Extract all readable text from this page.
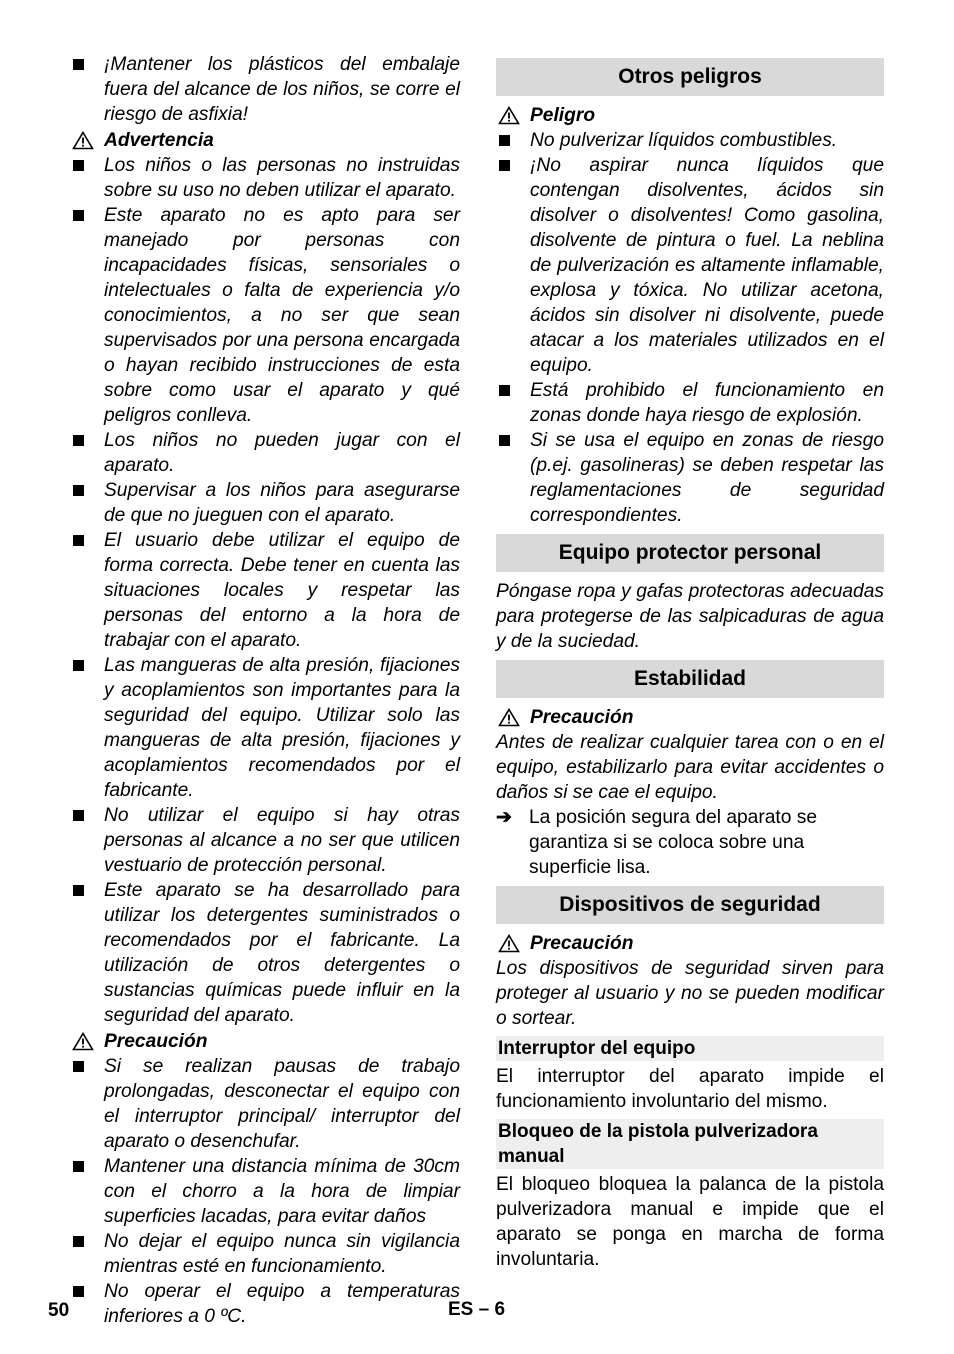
¡Mantener los plásticos del embalaje fuera del alcance de los niños, se corre el riesgo de asfixia!
Advertencia
Los niños o las personas no instruidas sobre su uso no deben utilizar el aparato.
Este aparato no es apto para ser manejado por personas con incapacidades físicas, sensoriales o intelectuales o falta de experiencia y/o conocimientos, a no ser que sean supervisados por una persona encargada o hayan recibido instrucciones de esta sobre como usar el aparato y qué peligros conlleva.
Los niños no pueden jugar con el aparato.
Supervisar a los niños para asegurarse de que no jueguen con el aparato.
El usuario debe utilizar el equipo de forma correcta. Debe tener en cuenta las situaciones locales y respetar las personas del entorno a la hora de trabajar con el aparato.
Las mangueras de alta presión, fijaciones y acoplamientos son importantes para la seguridad del equipo. Utilizar solo las mangueras de alta presión, fijaciones y acoplamientos recomendados por el fabricante.
No utilizar el equipo si hay otras personas al alcance a no ser que utilicen vestuario de protección personal.
Este aparato se ha desarrollado para utilizar los detergentes suministrados o recomendados por el fabricante. La utilización de otros detergentes o sustancias químicas puede influir en la seguridad del aparato.
Precaución
Si se realizan pausas de trabajo prolongadas, desconectar el equipo con el interruptor principal/ interruptor del aparato o desenchufar.
Mantener una distancia mínima de 30cm con el chorro a la hora de limpiar superficies lacadas, para evitar daños
No dejar el equipo nunca sin vigilancia mientras esté en funcionamiento.
No operar el equipo a temperaturas inferiores a 0 ºC.
Otros peligros
Peligro
No pulverizar líquidos combustibles.
¡No aspirar nunca líquidos que contengan disolventes, ácidos sin disolver o disolventes! Como gasolina, disolvente de pintura o fuel. La neblina de pulverización es altamente inflamable, explosa y tóxica. No utilizar acetona, ácidos sin disolver ni disolvente, puede atacar a los materiales utilizados en el equipo.
Está prohibido el funcionamiento en zonas donde haya riesgo de explosión.
Si se usa el equipo en zonas de riesgo (p.ej. gasolineras) se deben respetar las reglamentaciones de seguridad correspondientes.
Equipo protector personal
Póngase ropa y gafas protectoras adecuadas para protegerse de las salpicaduras de agua y de la suciedad.
Estabilidad
Precaución
Antes de realizar cualquier tarea con o en el equipo, estabilizarlo para evitar accidentes o daños si se cae el equipo.
➔ La posición segura del aparato se garantiza si se coloca sobre una superficie lisa.
Dispositivos de seguridad
Precaución
Los dispositivos de seguridad sirven para proteger al usuario y no se pueden modificar o sortear.
Interruptor del equipo
El interruptor del aparato impide el funcionamiento involuntario del mismo.
Bloqueo de la pistola pulverizadora manual
El bloqueo bloquea la palanca de la pistola pulverizadora manual e impide que el aparato se ponga en marcha de forma involuntaria.
50	ES – 6
